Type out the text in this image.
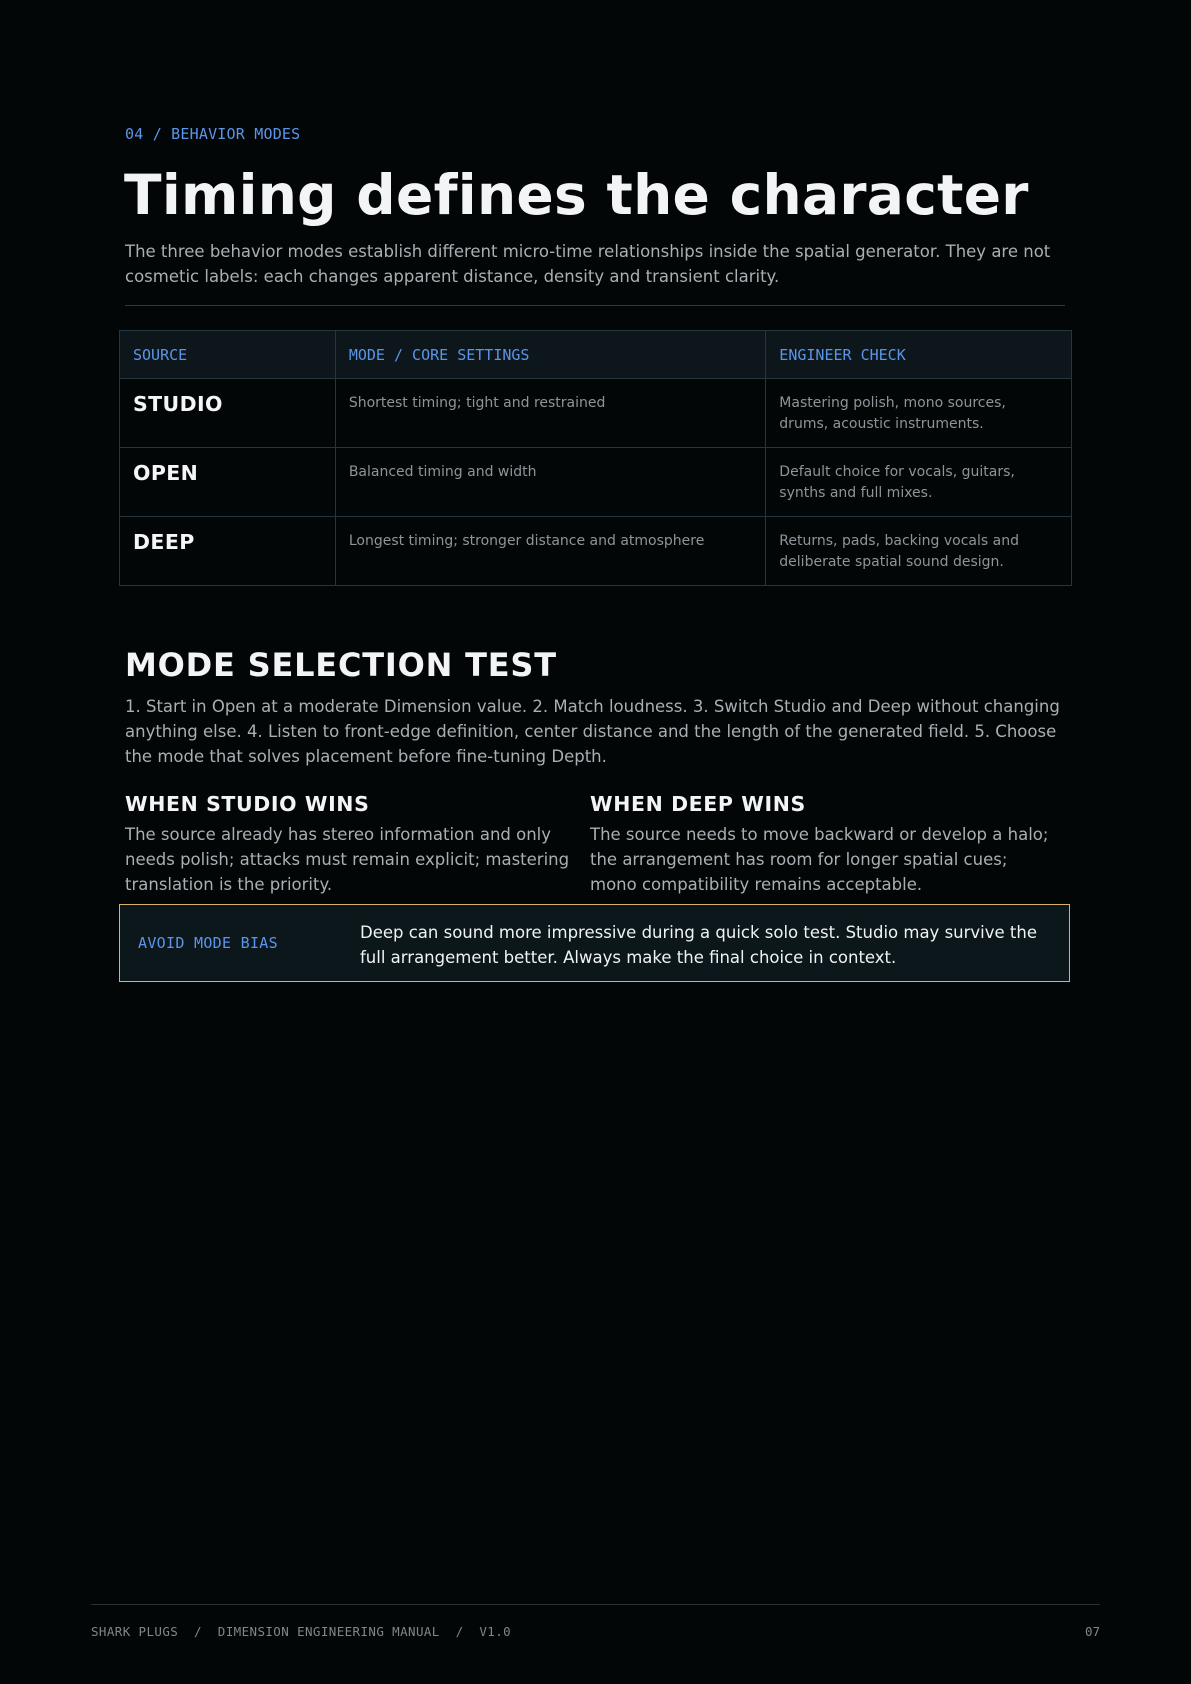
04 / BEHAVIOR MODES
Timing defines the character

The three behavior modes establish different micro-time relationships inside the spatial generator. They are not cosmetic labels: each changes apparent distance, density and transient clarity.

SOURCE	MODE / CORE SETTINGS	ENGINEER CHECK
STUDIO	Shortest timing; tight and restrained	Mastering polish, mono sources, drums, acoustic instruments.
OPEN	Balanced timing and width	Default choice for vocals, guitars, synths and full mixes.
DEEP	Longest timing; stronger distance and atmosphere	Returns, pads, backing vocals and deliberate spatial sound design.
MODE SELECTION TEST

1. Start in Open at a moderate Dimension value. 2. Match loudness. 3. Switch Studio and Deep without changing anything else. 4. Listen to front-edge definition, center distance and the length of the generated field. 5. Choose the mode that solves placement before fine-tuning Depth.

WHEN STUDIO WINS

The source already has stereo information and only needs polish; attacks must remain explicit; mastering translation is the priority.

WHEN DEEP WINS

The source needs to move backward or develop a halo; the arrangement has room for longer spatial cues; mono compatibility remains acceptable.

AVOID MODE BIAS

Deep can sound more impressive during a quick solo test. Studio may survive the full arrangement better. Always make the final choice in context.

SHARK PLUGS  /  DIMENSION ENGINEERING MANUAL  /  V1.0	07
